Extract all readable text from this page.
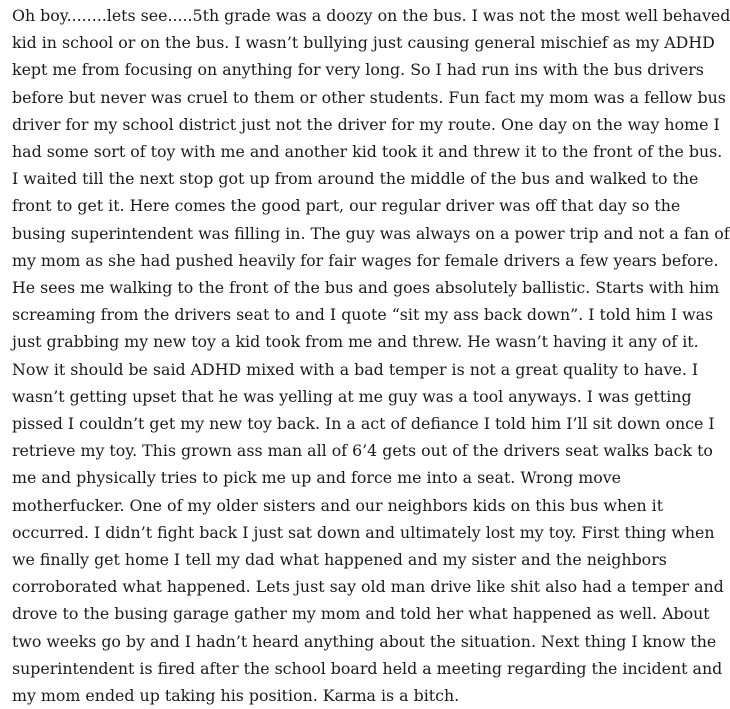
Oh boy........lets see.....5th grade was a doozy on the bus. I was not the most well behaved
kid in school or on the bus. I wasn’t bullying just causing general mischief as my ADHD
kept me from focusing on anything for very long. So I had run ins with the bus drivers
before but never was cruel to them or other students. Fun fact my mom was a fellow bus
driver for my school district just not the driver for my route. One day on the way home I
had some sort of toy with me and another kid took it and threw it to the front of the bus.
I waited till the next stop got up from around the middle of the bus and walked to the
front to get it. Here comes the good part, our regular driver was off that day so the
busing superintendent was filling in. The guy was always on a power trip and not a fan of
my mom as she had pushed heavily for fair wages for female drivers a few years before.
He sees me walking to the front of the bus and goes absolutely ballistic. Starts with him
screaming from the drivers seat to and I quote “sit my ass back down”. I told him I was
just grabbing my new toy a kid took from me and threw. He wasn’t having it any of it.
Now it should be said ADHD mixed with a bad temper is not a great quality to have. I
wasn’t getting upset that he was yelling at me guy was a tool anyways. I was getting
pissed I couldn’t get my new toy back. In a act of defiance I told him I’ll sit down once I
retrieve my toy. This grown ass man all of 6’4 gets out of the drivers seat walks back to
me and physically tries to pick me up and force me into a seat. Wrong move
motherfucker. One of my older sisters and our neighbors kids on this bus when it
occurred. I didn’t fight back I just sat down and ultimately lost my toy. First thing when
we finally get home I tell my dad what happened and my sister and the neighbors
corroborated what happened. Lets just say old man drive like shit also had a temper and
drove to the busing garage gather my mom and told her what happened as well. About
two weeks go by and I hadn’t heard anything about the situation. Next thing I know the
superintendent is fired after the school board held a meeting regarding the incident and
my mom ended up taking his position. Karma is a bitch.
